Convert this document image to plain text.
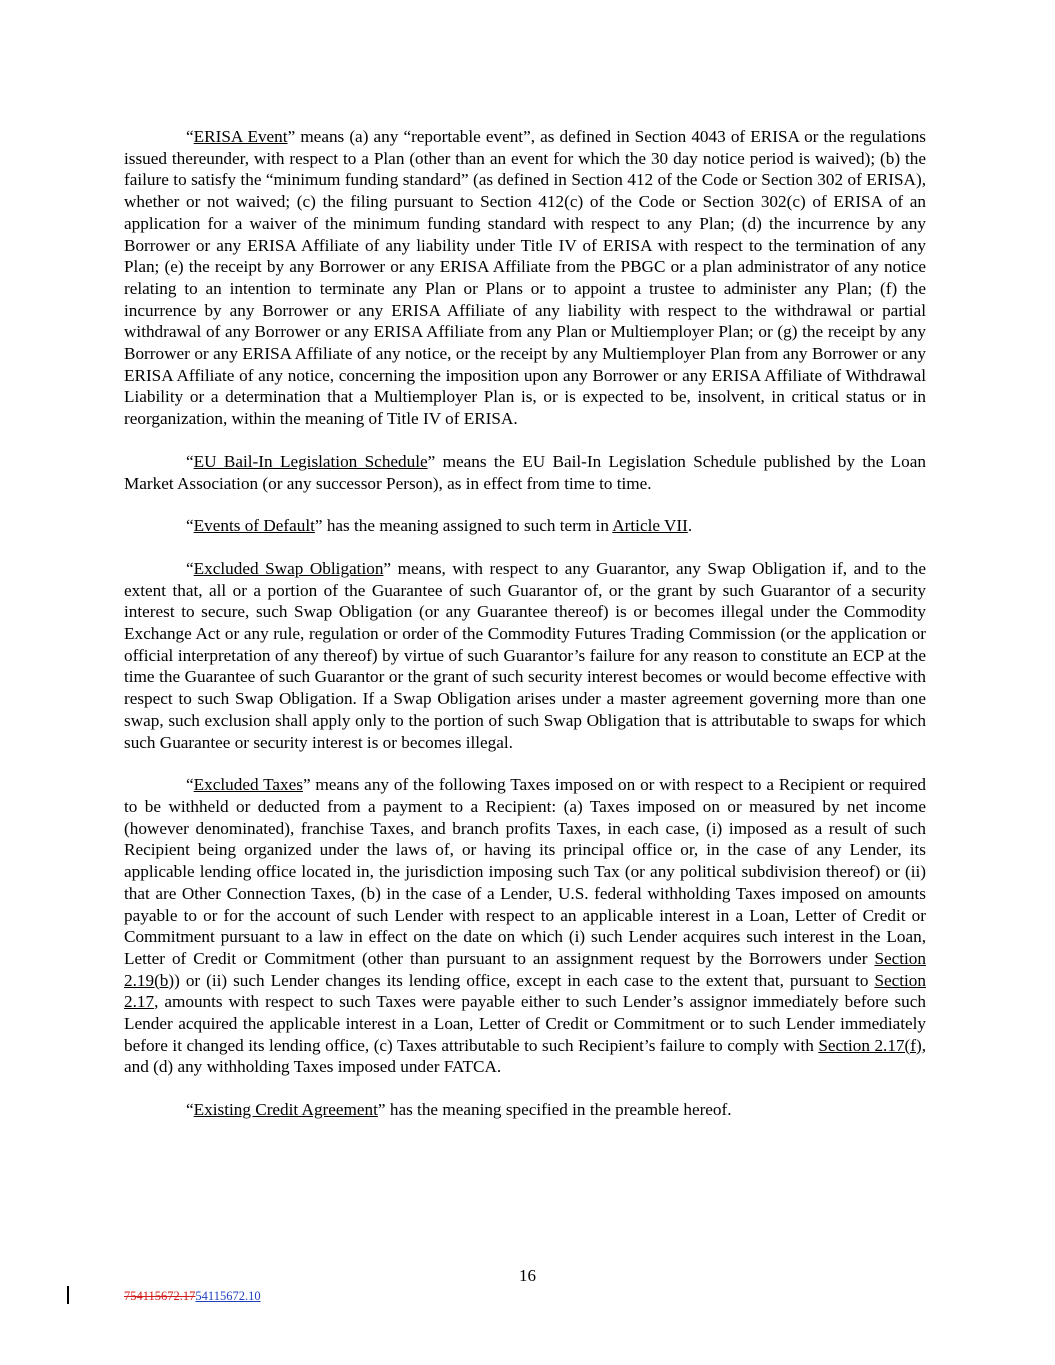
“ERISA Event” means (a) any “reportable event”, as defined in Section 4043 of ERISA or the regulations issued thereunder, with respect to a Plan (other than an event for which the 30 day notice period is waived); (b) the failure to satisfy the “minimum funding standard” (as defined in Section 412 of the Code or Section 302 of ERISA), whether or not waived; (c) the filing pursuant to Section 412(c) of the Code or Section 302(c) of ERISA of an application for a waiver of the minimum funding standard with respect to any Plan; (d) the incurrence by any Borrower or any ERISA Affiliate of any liability under Title IV of ERISA with respect to the termination of any Plan; (e) the receipt by any Borrower or any ERISA Affiliate from the PBGC or a plan administrator of any notice relating to an intention to terminate any Plan or Plans or to appoint a trustee to administer any Plan; (f) the incurrence by any Borrower or any ERISA Affiliate of any liability with respect to the withdrawal or partial withdrawal of any Borrower or any ERISA Affiliate from any Plan or Multiemployer Plan; or (g) the receipt by any Borrower or any ERISA Affiliate of any notice, or the receipt by any Multiemployer Plan from any Borrower or any ERISA Affiliate of any notice, concerning the imposition upon any Borrower or any ERISA Affiliate of Withdrawal Liability or a determination that a Multiemployer Plan is, or is expected to be, insolvent, in critical status or in reorganization, within the meaning of Title IV of ERISA.

“EU Bail-In Legislation Schedule” means the EU Bail-In Legislation Schedule published by the Loan Market Association (or any successor Person), as in effect from time to time.

“Events of Default” has the meaning assigned to such term in Article VII.

“Excluded Swap Obligation” means, with respect to any Guarantor, any Swap Obligation if, and to the extent that, all or a portion of the Guarantee of such Guarantor of, or the grant by such Guarantor of a security interest to secure, such Swap Obligation (or any Guarantee thereof) is or becomes illegal under the Commodity Exchange Act or any rule, regulation or order of the Commodity Futures Trading Commission (or the application or official interpretation of any thereof) by virtue of such Guarantor’s failure for any reason to constitute an ECP at the time the Guarantee of such Guarantor or the grant of such security interest becomes or would become effective with respect to such Swap Obligation. If a Swap Obligation arises under a master agreement governing more than one swap, such exclusion shall apply only to the portion of such Swap Obligation that is attributable to swaps for which such Guarantee or security interest is or becomes illegal.

“Excluded Taxes” means any of the following Taxes imposed on or with respect to a Recipient or required to be withheld or deducted from a payment to a Recipient: (a) Taxes imposed on or measured by net income (however denominated), franchise Taxes, and branch profits Taxes, in each case, (i) imposed as a result of such Recipient being organized under the laws of, or having its principal office or, in the case of any Lender, its applicable lending office located in, the jurisdiction imposing such Tax (or any political subdivision thereof) or (ii) that are Other Connection Taxes, (b) in the case of a Lender, U.S. federal withholding Taxes imposed on amounts payable to or for the account of such Lender with respect to an applicable interest in a Loan, Letter of Credit or Commitment pursuant to a law in effect on the date on which (i) such Lender acquires such interest in the Loan, Letter of Credit or Commitment (other than pursuant to an assignment request by the Borrowers under Section 2.19(b)) or (ii) such Lender changes its lending office, except in each case to the extent that, pursuant to Section 2.17, amounts with respect to such Taxes were payable either to such Lender’s assignor immediately before such Lender acquired the applicable interest in a Loan, Letter of Credit or Commitment or to such Lender immediately before it changed its lending office, (c) Taxes attributable to such Recipient’s failure to comply with Section 2.17(f), and (d) any withholding Taxes imposed under FATCA.

“Existing Credit Agreement” has the meaning specified in the preamble hereof.

16
754115672.1754115672.10
